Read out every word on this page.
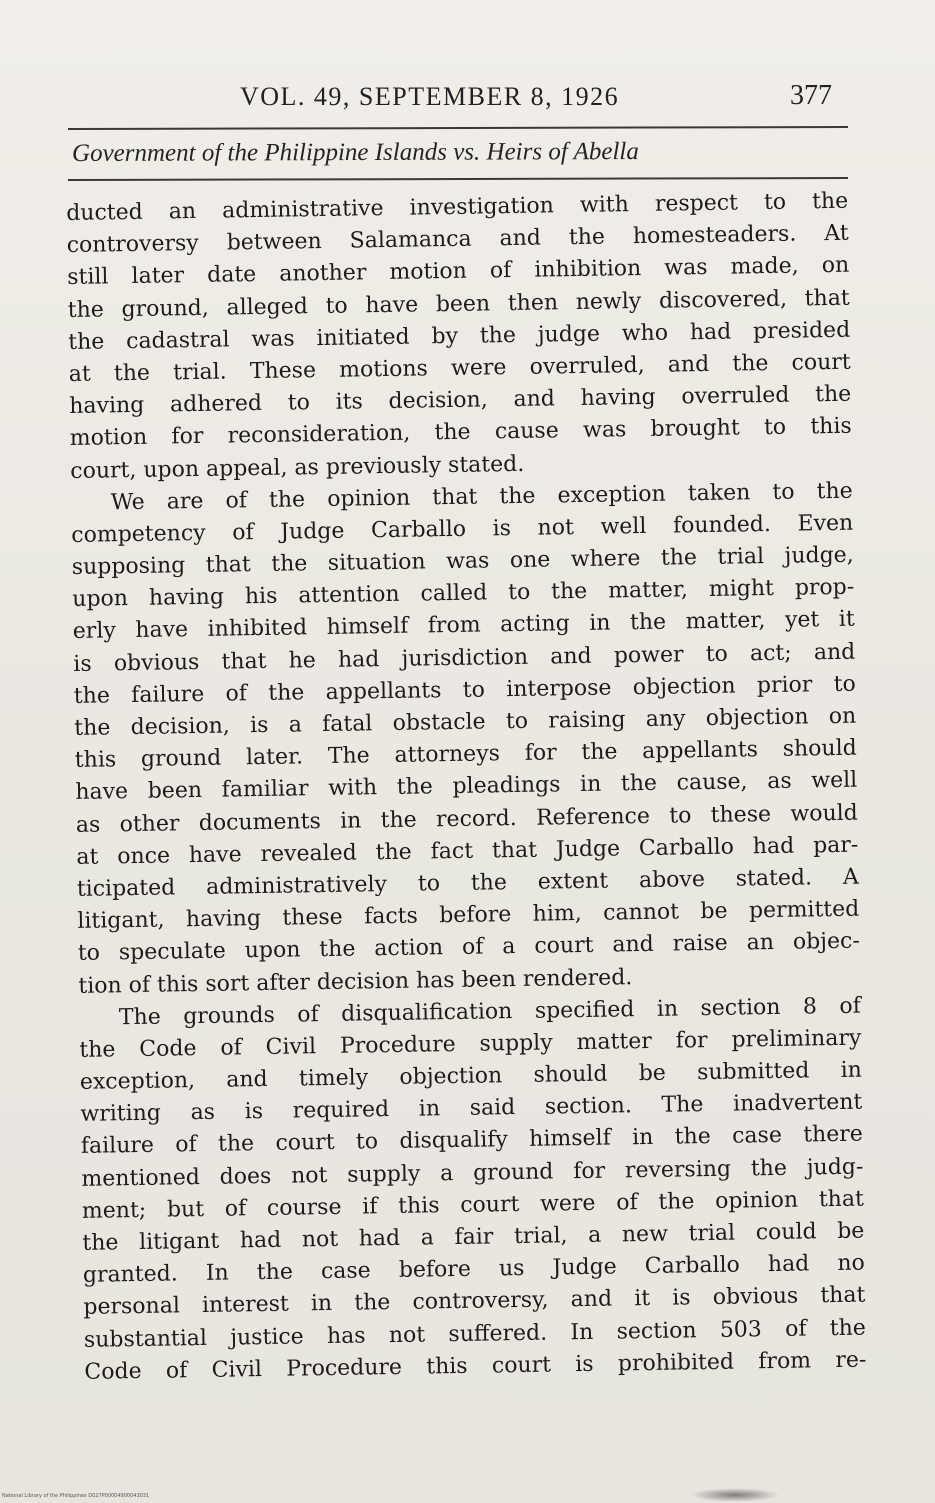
VOL. 49, SEPTEMBER 8, 1926	377
Government of the Philippine Islands vs. Heirs of Abella
ducted an administrative investigation with respect to the
controversy between Salamanca and the homesteaders. At
still later date another motion of inhibition was made, on
the ground, alleged to have been then newly discovered, that
the cadastral was initiated by the judge who had presided
at the trial. These motions were overruled, and the court
having adhered to its decision, and having overruled the
motion for reconsideration, the cause was brought to this
court, upon appeal, as previously stated.
We are of the opinion that the exception taken to the
competency of Judge Carballo is not well founded. Even
supposing that the situation was one where the trial judge,
upon having his attention called to the matter, might prop-
erly have inhibited himself from acting in the matter, yet it
is obvious that he had jurisdiction and power to act; and
the failure of the appellants to interpose objection prior to
the decision, is a fatal obstacle to raising any objection on
this ground later. The attorneys for the appellants should
have been familiar with the pleadings in the cause, as well
as other documents in the record. Reference to these would
at once have revealed the fact that Judge Carballo had par-
ticipated administratively to the extent above stated. A
litigant, having these facts before him, cannot be permitted
to speculate upon the action of a court and raise an objec-
tion of this sort after decision has been rendered.
The grounds of disqualification specified in section 8 of
the Code of Civil Procedure supply matter for preliminary
exception, and timely objection should be submitted in
writing as is required in said section. The inadvertent
failure of the court to disqualify himself in the case there
mentioned does not supply a ground for reversing the judg-
ment; but of course if this court were of the opinion that
the litigant had not had a fair trial, a new trial could be
granted. In the case before us Judge Carballo had no
personal interest in the controversy, and it is obvious that
substantial justice has not suffered. In section 503 of the
Code of Civil Procedure this court is prohibited from re-
National Library of the Philippines D027P00004900043031
